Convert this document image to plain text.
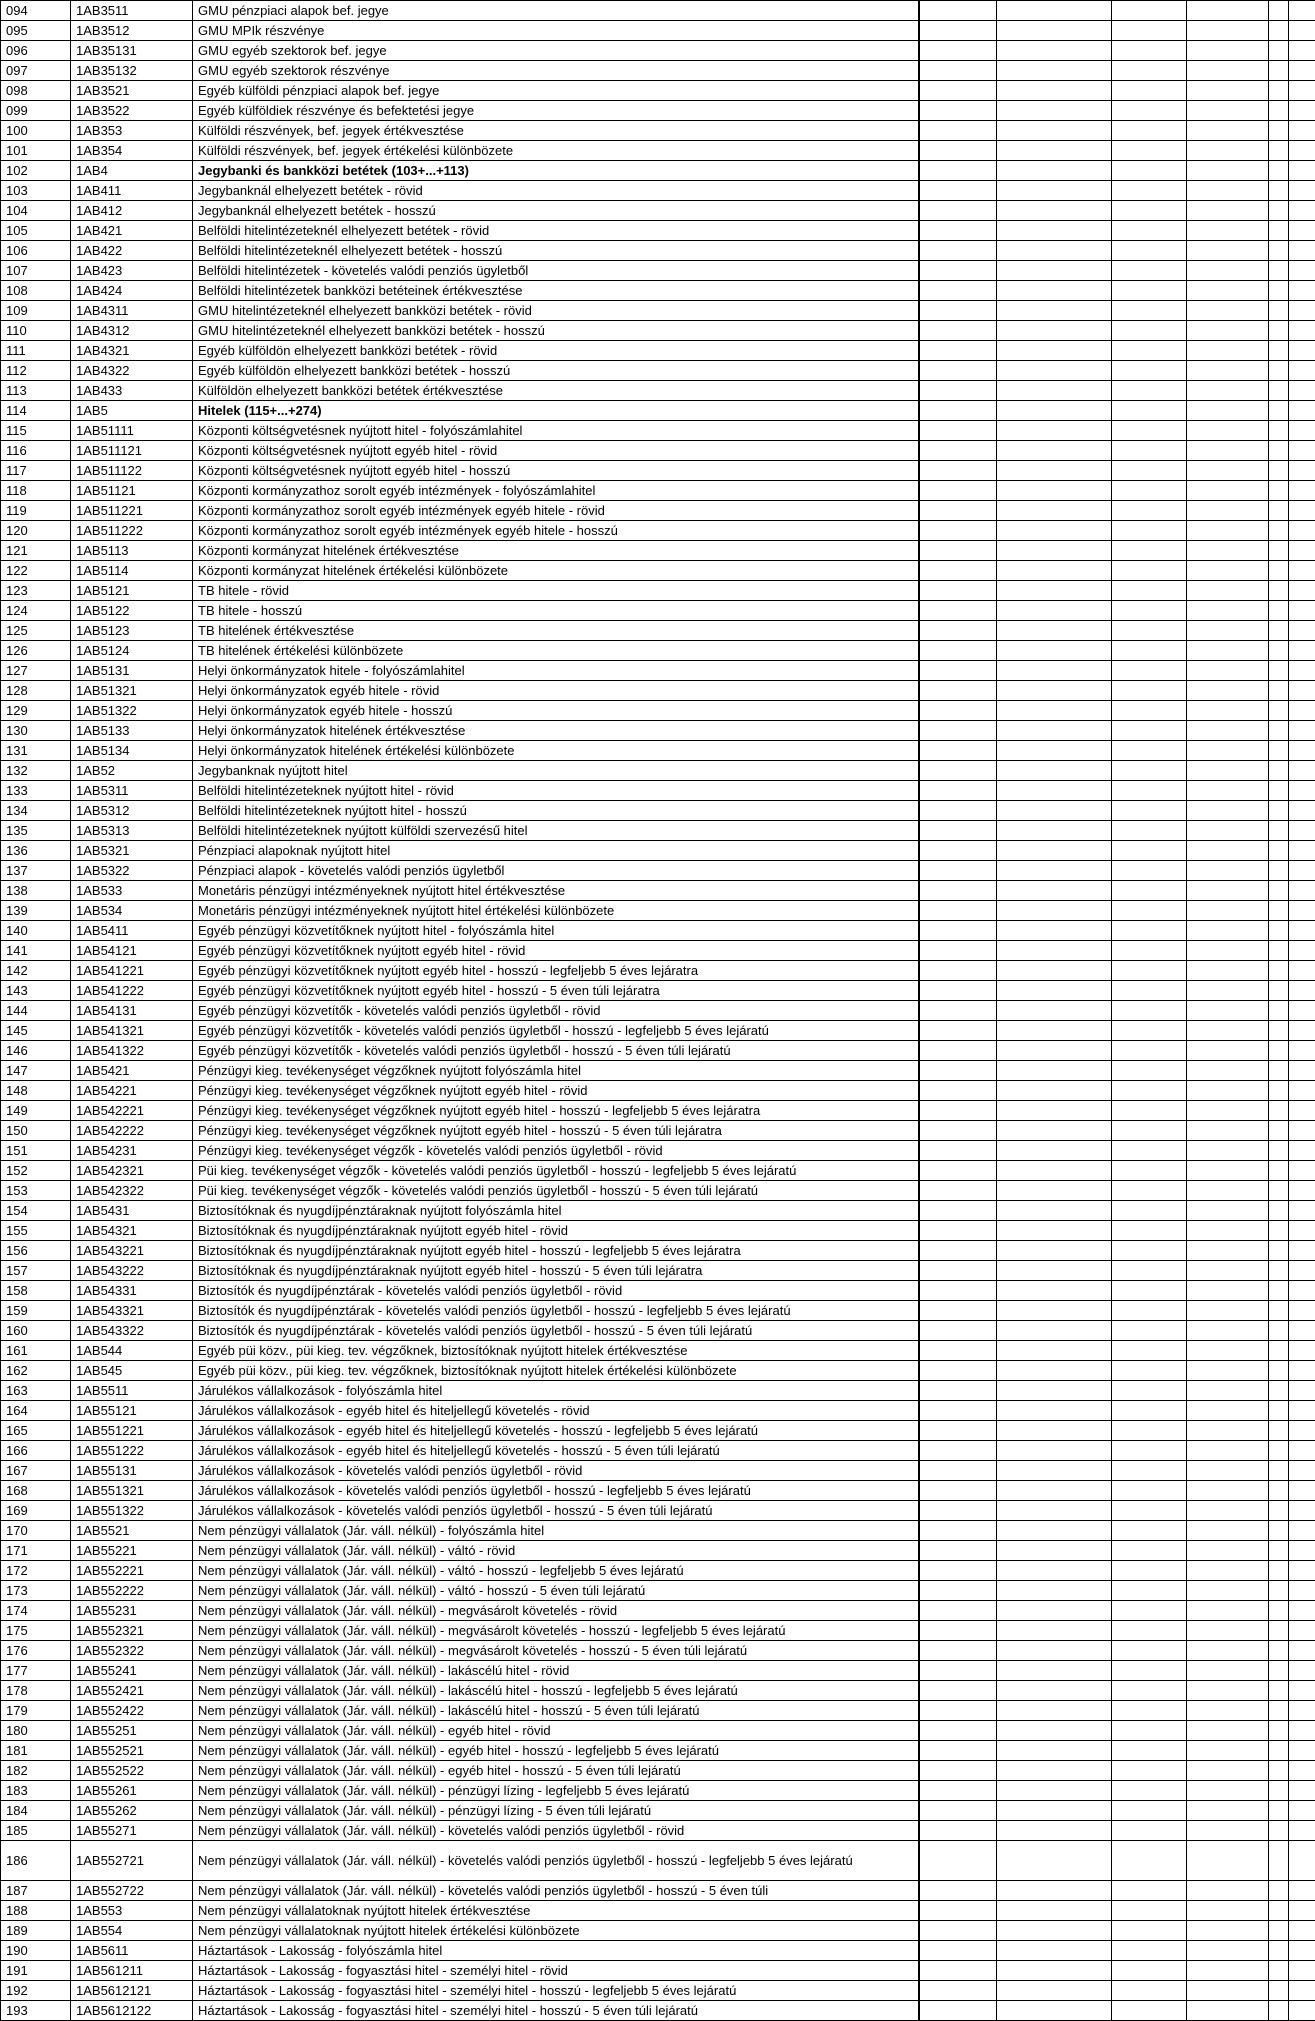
094	1AB3511	GMU pénzpiaci alapok bef. jegye						
095	1AB3512	GMU MPIk részvénye						
096	1AB35131	GMU egyéb szektorok bef. jegye						
097	1AB35132	GMU egyéb szektorok részvénye						
098	1AB3521	Egyéb külföldi pénzpiaci alapok bef. jegye						
099	1AB3522	Egyéb külföldiek részvénye és befektetési jegye						
100	1AB353	Külföldi részvények, bef. jegyek értékvesztése						
101	1AB354	Külföldi részvények, bef. jegyek értékelési különbözete						
102	1AB4	Jegybanki és bankközi betétek (103+...+113)						
103	1AB411	Jegybanknál elhelyezett betétek - rövid						
104	1AB412	Jegybanknál elhelyezett betétek - hosszú						
105	1AB421	Belföldi hitelintézeteknél elhelyezett betétek - rövid						
106	1AB422	Belföldi hitelintézeteknél elhelyezett betétek - hosszú						
107	1AB423	Belföldi hitelintézetek - követelés valódi penziós ügyletből						
108	1AB424	Belföldi hitelintézetek bankközi betéteinek értékvesztése						
109	1AB4311	GMU hitelintézeteknél elhelyezett bankközi betétek - rövid						
110	1AB4312	GMU hitelintézeteknél elhelyezett bankközi betétek - hosszú						
111	1AB4321	Egyéb külföldön elhelyezett bankközi betétek - rövid						
112	1AB4322	Egyéb külföldön elhelyezett bankközi betétek - hosszú						
113	1AB433	Külföldön elhelyezett bankközi betétek értékvesztése						
114	1AB5	Hitelek (115+...+274)						
115	1AB51111	Központi költségvetésnek nyújtott hitel - folyószámlahitel						
116	1AB511121	Központi költségvetésnek nyújtott egyéb hitel - rövid						
117	1AB511122	Központi költségvetésnek nyújtott egyéb hitel - hosszú						
118	1AB51121	Központi kormányzathoz sorolt egyéb intézmények - folyószámlahitel						
119	1AB511221	Központi kormányzathoz sorolt egyéb intézmények egyéb hitele - rövid						
120	1AB511222	Központi kormányzathoz sorolt egyéb intézmények egyéb hitele - hosszú						
121	1AB5113	Központi kormányzat hitelének értékvesztése						
122	1AB5114	Központi kormányzat hitelének értékelési különbözete						
123	1AB5121	TB hitele - rövid						
124	1AB5122	TB hitele - hosszú						
125	1AB5123	TB hitelének értékvesztése						
126	1AB5124	TB hitelének értékelési különbözete						
127	1AB5131	Helyi önkormányzatok hitele - folyószámlahitel						
128	1AB51321	Helyi önkormányzatok egyéb hitele - rövid						
129	1AB51322	Helyi önkormányzatok egyéb hitele - hosszú						
130	1AB5133	Helyi önkormányzatok hitelének értékvesztése						
131	1AB5134	Helyi önkormányzatok hitelének értékelési különbözete						
132	1AB52	Jegybanknak nyújtott hitel						
133	1AB5311	Belföldi hitelintézeteknek nyújtott hitel - rövid						
134	1AB5312	Belföldi hitelintézeteknek nyújtott hitel - hosszú						
135	1AB5313	Belföldi hitelintézeteknek nyújtott külföldi szervezésű hitel						
136	1AB5321	Pénzpiaci alapoknak nyújtott hitel						
137	1AB5322	Pénzpiaci alapok - követelés valódi penziós ügyletből						
138	1AB533	Monetáris pénzügyi intézményeknek nyújtott hitel értékvesztése						
139	1AB534	Monetáris pénzügyi intézményeknek nyújtott hitel értékelési különbözete						
140	1AB5411	Egyéb pénzügyi közvetítőknek nyújtott hitel - folyószámla hitel						
141	1AB54121	Egyéb pénzügyi közvetítőknek nyújtott egyéb hitel - rövid						
142	1AB541221	Egyéb pénzügyi közvetítőknek nyújtott egyéb hitel - hosszú - legfeljebb 5 éves lejáratra						
143	1AB541222	Egyéb pénzügyi közvetítőknek nyújtott egyéb hitel - hosszú - 5 éven túli lejáratra						
144	1AB54131	Egyéb pénzügyi közvetítők - követelés valódi penziós ügyletből - rövid						
145	1AB541321	Egyéb pénzügyi közvetítők - követelés valódi penziós ügyletből - hosszú - legfeljebb 5 éves lejáratú						
146	1AB541322	Egyéb pénzügyi közvetítők - követelés valódi penziós ügyletből - hosszú - 5 éven túli lejáratú						
147	1AB5421	Pénzügyi kieg. tevékenységet végzőknek nyújtott folyószámla hitel						
148	1AB54221	Pénzügyi kieg. tevékenységet végzőknek nyújtott egyéb hitel - rövid						
149	1AB542221	Pénzügyi kieg. tevékenységet végzőknek nyújtott egyéb hitel - hosszú - legfeljebb 5 éves lejáratra						
150	1AB542222	Pénzügyi kieg. tevékenységet végzőknek nyújtott egyéb hitel - hosszú - 5 éven túli lejáratra						
151	1AB54231	Pénzügyi kieg. tevékenységet végzők - követelés valódi penziós ügyletből - rövid						
152	1AB542321	Püi kieg. tevékenységet végzők - követelés valódi penziós ügyletből - hosszú - legfeljebb 5 éves lejáratú						
153	1AB542322	Püi kieg. tevékenységet végzők - követelés valódi penziós ügyletből - hosszú - 5 éven túli lejáratú						
154	1AB5431	Biztosítóknak és nyugdíjpénztáraknak nyújtott folyószámla hitel						
155	1AB54321	Biztosítóknak és nyugdíjpénztáraknak nyújtott egyéb hitel - rövid						
156	1AB543221	Biztosítóknak és nyugdíjpénztáraknak nyújtott egyéb hitel - hosszú - legfeljebb 5 éves lejáratra						
157	1AB543222	Biztosítóknak és nyugdíjpénztáraknak nyújtott egyéb hitel - hosszú - 5 éven túli lejáratra						
158	1AB54331	Biztosítók és nyugdíjpénztárak - követelés valódi penziós ügyletből - rövid						
159	1AB543321	Biztosítók és nyugdíjpénztárak - követelés valódi penziós ügyletből - hosszú - legfeljebb 5 éves lejáratú						
160	1AB543322	Biztosítók és nyugdíjpénztárak - követelés valódi penziós ügyletből - hosszú - 5 éven túli lejáratú						
161	1AB544	Egyéb püi közv., püi kieg. tev. végzőknek, biztosítóknak nyújtott hitelek értékvesztése						
162	1AB545	Egyéb püi közv., püi kieg. tev. végzőknek, biztosítóknak nyújtott hitelek értékelési különbözete						
163	1AB5511	Járulékos vállalkozások - folyószámla hitel						
164	1AB55121	Járulékos vállalkozások - egyéb hitel és hiteljellegű követelés - rövid						
165	1AB551221	Járulékos vállalkozások - egyéb hitel és hiteljellegű követelés - hosszú - legfeljebb 5 éves lejáratú						
166	1AB551222	Járulékos vállalkozások - egyéb hitel és hiteljellegű követelés - hosszú - 5 éven túli lejáratú						
167	1AB55131	Járulékos vállalkozások - követelés valódi penziós ügyletből - rövid						
168	1AB551321	Járulékos vállalkozások - követelés valódi penziós ügyletből - hosszú - legfeljebb 5 éves lejáratú						
169	1AB551322	Járulékos vállalkozások - követelés valódi penziós ügyletből - hosszú - 5 éven túli lejáratú						
170	1AB5521	Nem pénzügyi vállalatok (Jár. váll. nélkül) - folyószámla hitel						
171	1AB55221	Nem pénzügyi vállalatok (Jár. váll. nélkül) - váltó - rövid						
172	1AB552221	Nem pénzügyi vállalatok (Jár. váll. nélkül) - váltó - hosszú - legfeljebb 5 éves lejáratú						
173	1AB552222	Nem pénzügyi vállalatok (Jár. váll. nélkül) - váltó - hosszú - 5 éven túli lejáratú						
174	1AB55231	Nem pénzügyi vállalatok (Jár. váll. nélkül) - megvásárolt követelés - rövid						
175	1AB552321	Nem pénzügyi vállalatok (Jár. váll. nélkül) - megvásárolt követelés - hosszú - legfeljebb 5 éves lejáratú						
176	1AB552322	Nem pénzügyi vállalatok (Jár. váll. nélkül) - megvásárolt követelés - hosszú - 5 éven túli lejáratú						
177	1AB55241	Nem pénzügyi vállalatok (Jár. váll. nélkül) - lakáscélú hitel - rövid						
178	1AB552421	Nem pénzügyi vállalatok (Jár. váll. nélkül) - lakáscélú hitel - hosszú - legfeljebb 5 éves lejáratú						
179	1AB552422	Nem pénzügyi vállalatok (Jár. váll. nélkül) - lakáscélú hitel - hosszú - 5 éven túli lejáratú						
180	1AB55251	Nem pénzügyi vállalatok (Jár. váll. nélkül) - egyéb hitel - rövid						
181	1AB552521	Nem pénzügyi vállalatok (Jár. váll. nélkül) - egyéb hitel - hosszú - legfeljebb 5 éves lejáratú						
182	1AB552522	Nem pénzügyi vállalatok (Jár. váll. nélkül) - egyéb hitel - hosszú - 5 éven túli lejáratú						
183	1AB55261	Nem pénzügyi vállalatok (Jár. váll. nélkül) - pénzügyi lízing - legfeljebb 5 éves lejáratú						
184	1AB55262	Nem pénzügyi vállalatok (Jár. váll. nélkül) - pénzügyi lízing - 5 éven túli lejáratú						
185	1AB55271	Nem pénzügyi vállalatok (Jár. váll. nélkül) - követelés valódi penziós ügyletből - rövid						
186	1AB552721	Nem pénzügyi vállalatok (Jár. váll. nélkül) - követelés valódi penziós ügyletből - hosszú - legfeljebb 5 éves lejáratú						
187	1AB552722	Nem pénzügyi vállalatok (Jár. váll. nélkül) - követelés valódi penziós ügyletből - hosszú - 5 éven túli						
188	1AB553	Nem pénzügyi vállalatoknak nyújtott hitelek értékvesztése						
189	1AB554	Nem pénzügyi vállalatoknak nyújtott hitelek értékelési különbözete						
190	1AB5611	Háztartások - Lakosság - folyószámla hitel						
191	1AB561211	Háztartások - Lakosság - fogyasztási hitel - személyi hitel - rövid						
192	1AB5612121	Háztartások - Lakosság - fogyasztási hitel - személyi hitel - hosszú - legfeljebb 5 éves lejáratú						
193	1AB5612122	Háztartások - Lakosság - fogyasztási hitel - személyi hitel - hosszú - 5 éven túli lejáratú						
